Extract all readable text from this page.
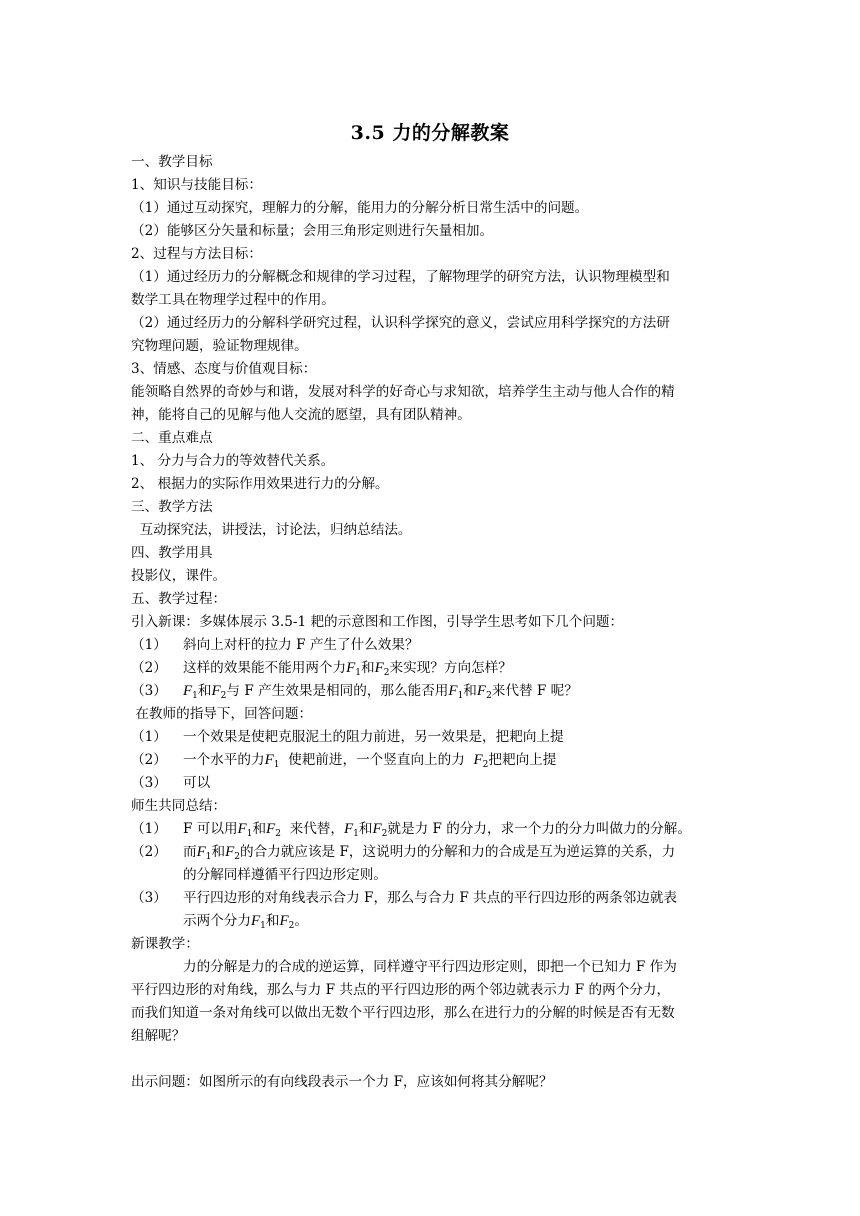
3.5 力的分解教案
一、教学目标
1、知识与技能目标：
（1）通过互动探究，理解力的分解，能用力的分解分析日常生活中的问题。
（2）能够区分矢量和标量；会用三角形定则进行矢量相加。
2、过程与方法目标：
（1）通过经历力的分解概念和规律的学习过程，了解物理学的研究方法，认识物理模型和
数学工具在物理学过程中的作用。
（2）通过经历力的分解科学研究过程，认识科学探究的意义，尝试应用科学探究的方法研
究物理问题，验证物理规律。
3、情感、态度与价值观目标：
能领略自然界的奇妙与和谐，发展对科学的好奇心与求知欲，培养学生主动与他人合作的精
神，能将自己的见解与他人交流的愿望，具有团队精神。
二、重点难点
1、 分力与合力的等效替代关系。
2、 根据力的实际作用效果进行力的分解。
三、教学方法
互动探究法，讲授法，讨论法，归纳总结法。
四、教学用具
投影仪，课件。
五、教学过程：
引入新课：多媒体展示 3.5-1 耙的示意图和工作图，引导学生思考如下几个问题：
（1） 斜向上对杆的拉力 F 产生了什么效果？
（2） 这样的效果能不能用两个力$F_1$和$F_2$来实现？方向怎样？
（3） $F_1$和$F_2$与 F 产生效果是相同的，那么能否用$F_1$和$F_2$来代替 F 呢？
在教师的指导下，回答问题：
（1） 一个效果是使耙克服泥土的阻力前进，另一效果是，把耙向上提
（2） 一个水平的力$F_1$ 使耙前进，一个竖直向上的力 $F_2$把耙向上提
（3） 可以
师生共同总结：
（1） F 可以用$F_1$和$F_2$ 来代替，$F_1$和$F_2$就是力 F 的分力，求一个力的分力叫做力的分解。
（2） 而$F_1$和$F_2$的合力就应该是 F，这说明力的分解和力的合成是互为逆运算的关系，力
的分解同样遵循平行四边形定则。
（3） 平行四边形的对角线表示合力 F，那么与合力 F 共点的平行四边形的两条邻边就表
示两个分力$F_1$和$F_2$。
新课教学：
力的分解是力的合成的逆运算，同样遵守平行四边形定则，即把一个已知力 F 作为
平行四边形的对角线，那么与力 F 共点的平行四边形的两个邻边就表示力 F 的两个分力，
而我们知道一条对角线可以做出无数个平行四边形，那么在进行力的分解的时候是否有无数
组解呢？
出示问题：如图所示的有向线段表示一个力 F，应该如何将其分解呢？
